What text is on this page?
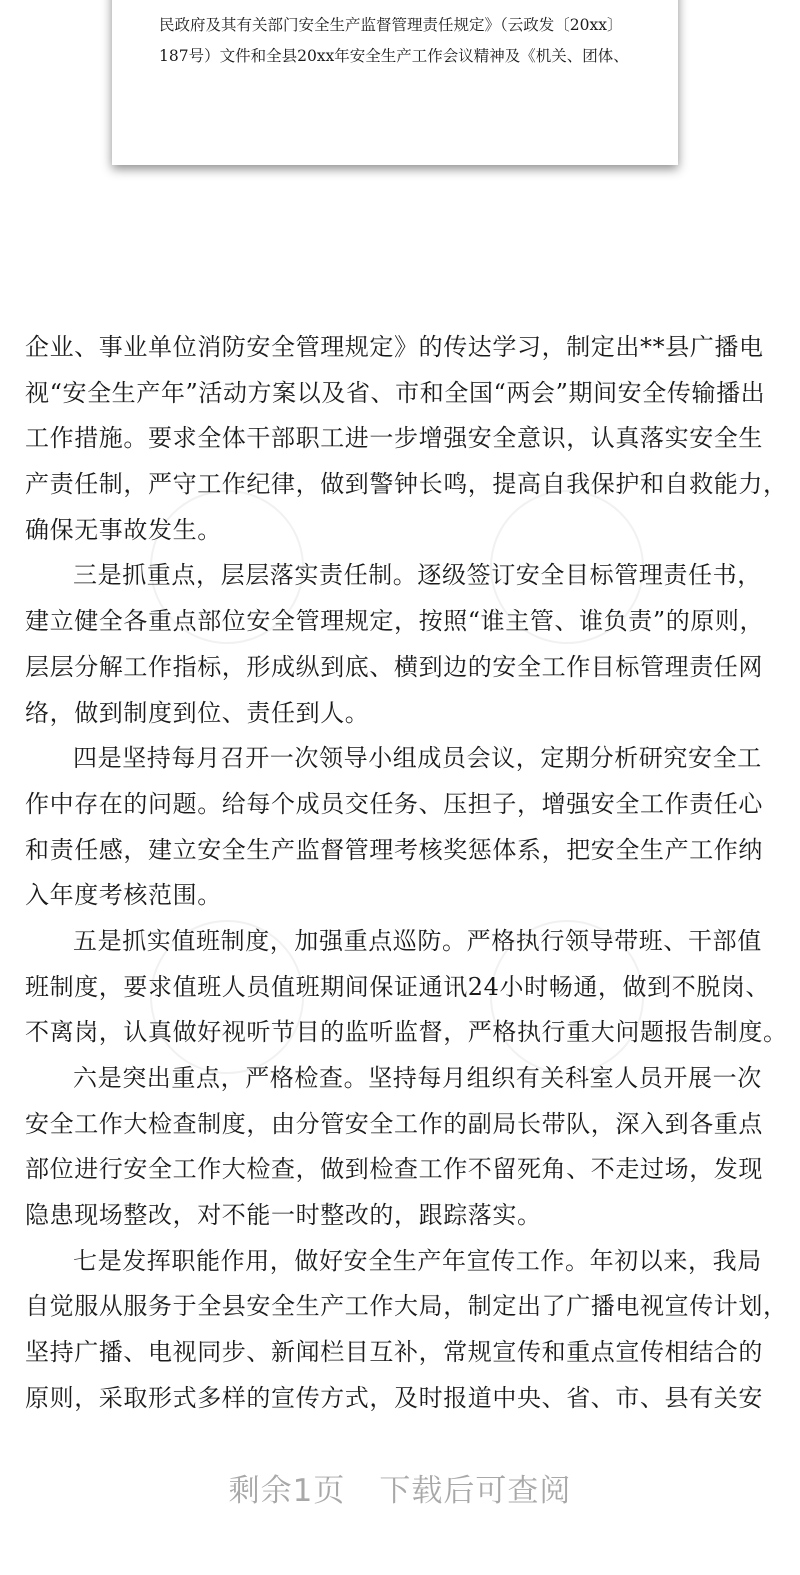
民政府及其有关部门安全生产监督管理责任规定》（云政发〔20xx〕
187号）文件和全县20xx年安全生产工作会议精神及《机关、团体、
企业、事业单位消防安全管理规定》的传达学习，制定出**县广播电
视“安全生产年”活动方案以及省、市和全国“两会”期间安全传输播出
工作措施。要求全体干部职工进一步增强安全意识，认真落实安全生
产责任制，严守工作纪律，做到警钟长鸣，提高自我保护和自救能力，
确保无事故发生。
三是抓重点，层层落实责任制。逐级签订安全目标管理责任书，
建立健全各重点部位安全管理规定，按照“谁主管、谁负责”的原则，
层层分解工作指标，形成纵到底、横到边的安全工作目标管理责任网
络，做到制度到位、责任到人。
四是坚持每月召开一次领导小组成员会议，定期分析研究安全工
作中存在的问题。给每个成员交任务、压担子，增强安全工作责任心
和责任感，建立安全生产监督管理考核奖惩体系，把安全生产工作纳
入年度考核范围。
五是抓实值班制度，加强重点巡防。严格执行领导带班、干部值
班制度，要求值班人员值班期间保证通讯24小时畅通，做到不脱岗、
不离岗，认真做好视听节目的监听监督，严格执行重大问题报告制度。
六是突出重点，严格检查。坚持每月组织有关科室人员开展一次
安全工作大检查制度，由分管安全工作的副局长带队，深入到各重点
部位进行安全工作大检查，做到检查工作不留死角、不走过场，发现
隐患现场整改，对不能一时整改的，跟踪落实。
七是发挥职能作用，做好安全生产年宣传工作。年初以来，我局
自觉服从服务于全县安全生产工作大局，制定出了广播电视宣传计划，
坚持广播、电视同步、新闻栏目互补，常规宣传和重点宣传相结合的
原则，采取形式多样的宣传方式，及时报道中央、省、市、县有关安
剩余1页 下载后可查阅
